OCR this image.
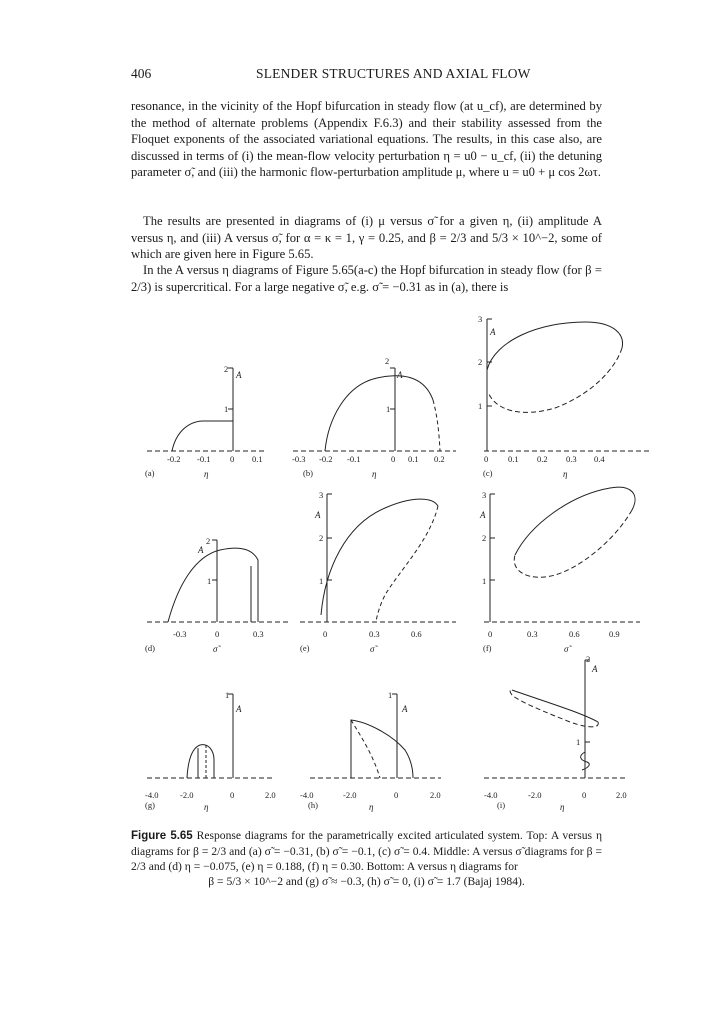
406	SLENDER STRUCTURES AND AXIAL FLOW

resonance, in the vicinity of the Hopf bifurcation in steady flow (at u_cf), are determined by the method of alternate problems (Appendix F.6.3) and their stability assessed from the Floquet exponents of the associated variational equations. The results, in this case also, are discussed in terms of (i) the mean-flow velocity perturbation η = u0 − u_cf, (ii) the detuning parameter σ̃, and (iii) the harmonic flow-perturbation amplitude μ, where u = u0 + μ cos 2ωτ.

The results are presented in diagrams of (i) μ versus σ̃ for a given η, (ii) amplitude A versus η, and (iii) A versus σ̃, for α = κ = 1, γ = 0.25, and β = 2/3 and 5/3 × 10^−2, some of which are given here in Figure 5.65.

In the A versus η diagrams of Figure 5.65(a-c) the Hopf bifurcation in steady flow (for β = 2/3) is supercritical. For a large negative σ̃, e.g. σ̃ = −0.31 as in (a), there is

2
1
A
-0.2 -0.1 0 0.1
(a)	η
2
1
A
-0.3 -0.2 -0.1	0 0.1 0.2
(b)	η
3
2
1
A
0 0.1 0.2 0.3 0.4
(c)	η
2
1
A
-0.3	0	0.3
(d)	σ̃
3
2
1
A
0	0.3	0.6
(e)	σ̃
3
2
1
A
0	0.3	0.6	0.9
(f)	σ̃
1
A
-4.0	-2.0	0	2.0
(g)	η
1
A
-4.0	-2.0	0	2.0
(h)	η
2
1
A
-4.0	-2.0	0	2.0
(i)	η
Figure 5.65 Response diagrams for the parametrically excited articulated system. Top: A versus η diagrams for β = 2/3 and (a) σ̃ = −0.31, (b) σ̃ = −0.1, (c) σ̃ = 0.4. Middle: A versus σ̃ diagrams for β = 2/3 and (d) η = −0.075, (e) η = 0.188, (f) η = 0.30. Bottom: A versus η diagrams for
β = 5/3 × 10^−2 and (g) σ̃ ≈ −0.3, (h) σ̃ = 0, (i) σ̃ = 1.7 (Bajaj 1984).
